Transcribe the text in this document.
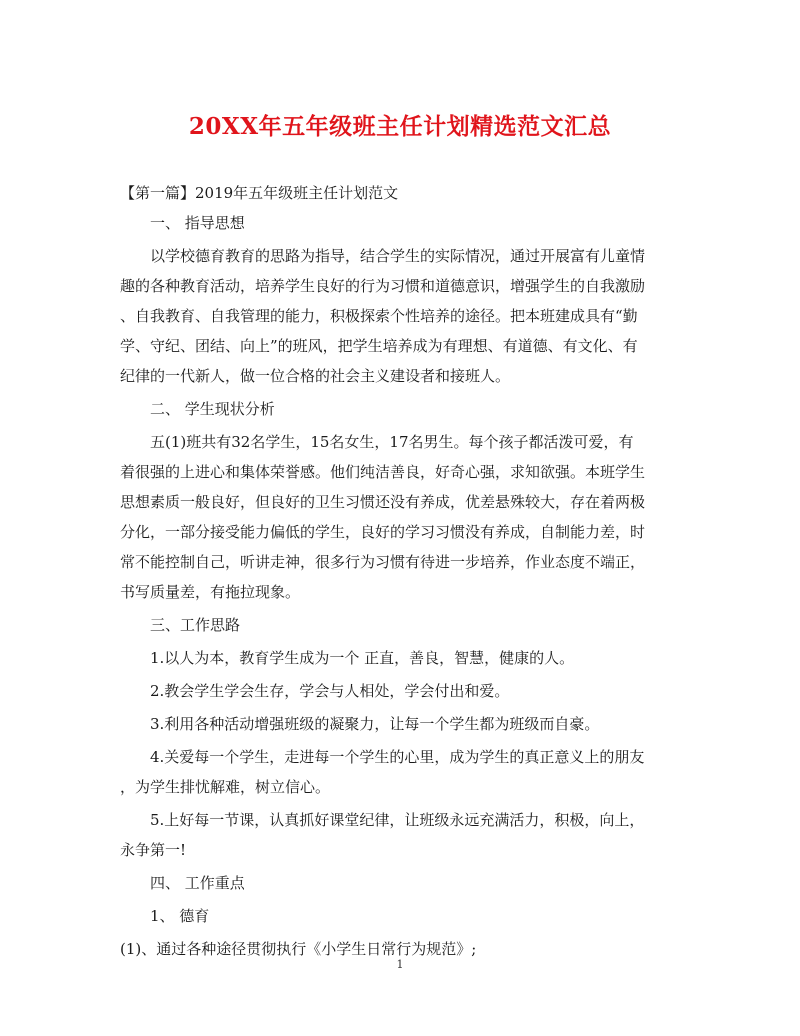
20XX年五年级班主任计划精选范文汇总
【第一篇】2019年五年级班主任计划范文
一、 指导思想
以学校德育教育的思路为指导，结合学生的实际情况，通过开展富有儿童情
趣的各种教育活动，培养学生良好的行为习惯和道德意识，增强学生的自我激励
、自我教育、自我管理的能力，积极探索个性培养的途径。把本班建成具有“勤
学、守纪、团结、向上”的班风，把学生培养成为有理想、有道德、有文化、有
纪律的一代新人，做一位合格的社会主义建设者和接班人。
二、 学生现状分析
五(1)班共有32名学生，15名女生，17名男生。每个孩子都活泼可爱，有
着很强的上进心和集体荣誉感。他们纯洁善良，好奇心强，求知欲强。本班学生
思想素质一般良好，但良好的卫生习惯还没有养成，优差悬殊较大，存在着两极
分化，一部分接受能力偏低的学生，良好的学习习惯没有养成，自制能力差，时
常不能控制自己，听讲走神，很多行为习惯有待进一步培养，作业态度不端正，
书写质量差，有拖拉现象。
三、工作思路
1.以人为本，教育学生成为一个 正直，善良，智慧，健康的人。
2.教会学生学会生存，学会与人相处，学会付出和爱。
3.利用各种活动增强班级的凝聚力，让每一个学生都为班级而自豪。
4.关爱每一个学生，走进每一个学生的心里，成为学生的真正意义上的朋友
，为学生排忧解难，树立信心。
5.上好每一节课，认真抓好课堂纪律，让班级永远充满活力，积极，向上，
永争第一!
四、 工作重点
1、 德育
(1)、通过各种途径贯彻执行《小学生日常行为规范》;
1
